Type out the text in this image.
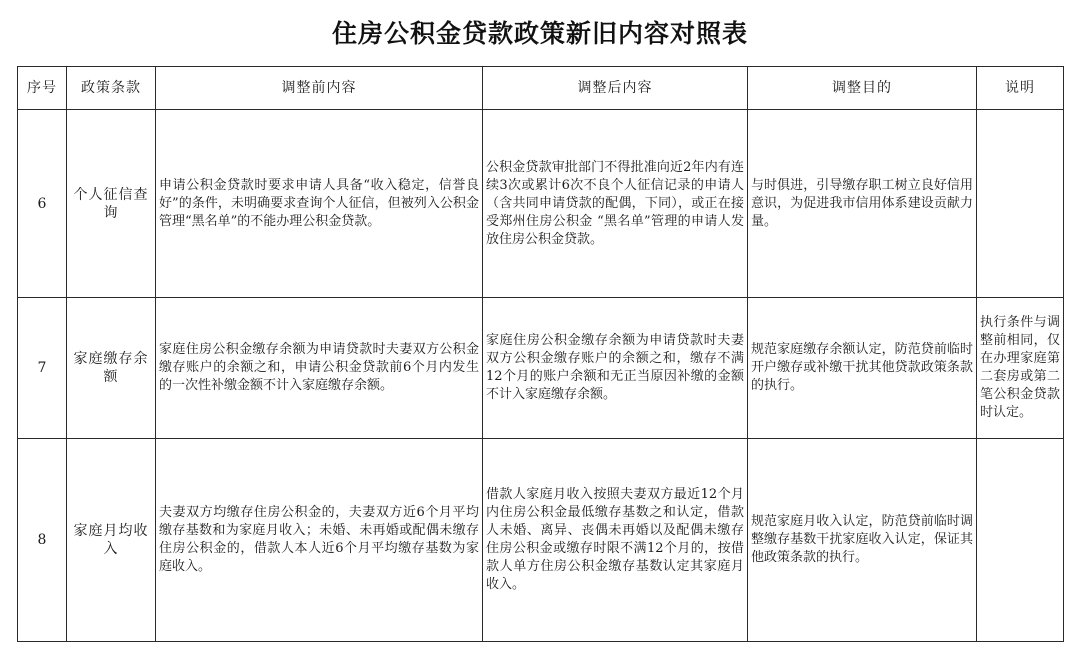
住房公积金贷款政策新旧内容对照表
序号	政策条款	调整前内容	调整后内容	调整目的	说明
6	个人征信查询	申请公积金贷款时要求申请人具备“收入稳定，信誉良好”的条件，未明确要求查询个人征信，但被列入公积金管理“黑名单”的不能办理公积金贷款。	公积金贷款审批部门不得批准向近2年内有连续3次或累计6次不良个人征信记录的申请人（含共同申请贷款的配偶，下同），或正在接受郑州住房公积金 “黑名单”管理的申请人发放住房公积金贷款。	与时俱进，引导缴存职工树立良好信用意识，为促进我市信用体系建设贡献力量。	
7	家庭缴存余额	家庭住房公积金缴存余额为申请贷款时夫妻双方公积金缴存账户的余额之和，申请公积金贷款前6个月内发生的一次性补缴金额不计入家庭缴存余额。	家庭住房公积金缴存余额为申请贷款时夫妻双方公积金缴存账户的余额之和，缴存不满12个月的账户余额和无正当原因补缴的金额不计入家庭缴存余额。	规范家庭缴存余额认定，防范贷前临时开户缴存或补缴干扰其他贷款政策条款的执行。	执行条件与调整前相同，仅在办理家庭第二套房或第二笔公积金贷款时认定。
8	家庭月均收入	夫妻双方均缴存住房公积金的，夫妻双方近6个月平均缴存基数和为家庭月收入；未婚、未再婚或配偶未缴存住房公积金的，借款人本人近6个月平均缴存基数为家庭收入。	借款人家庭月收入按照夫妻双方最近12个月内住房公积金最低缴存基数之和认定，借款人未婚、离异、丧偶未再婚以及配偶未缴存住房公积金或缴存时限不满12个月的，按借款人单方住房公积金缴存基数认定其家庭月收入。	规范家庭月收入认定，防范贷前临时调整缴存基数干扰家庭收入认定，保证其他政策条款的执行。	
